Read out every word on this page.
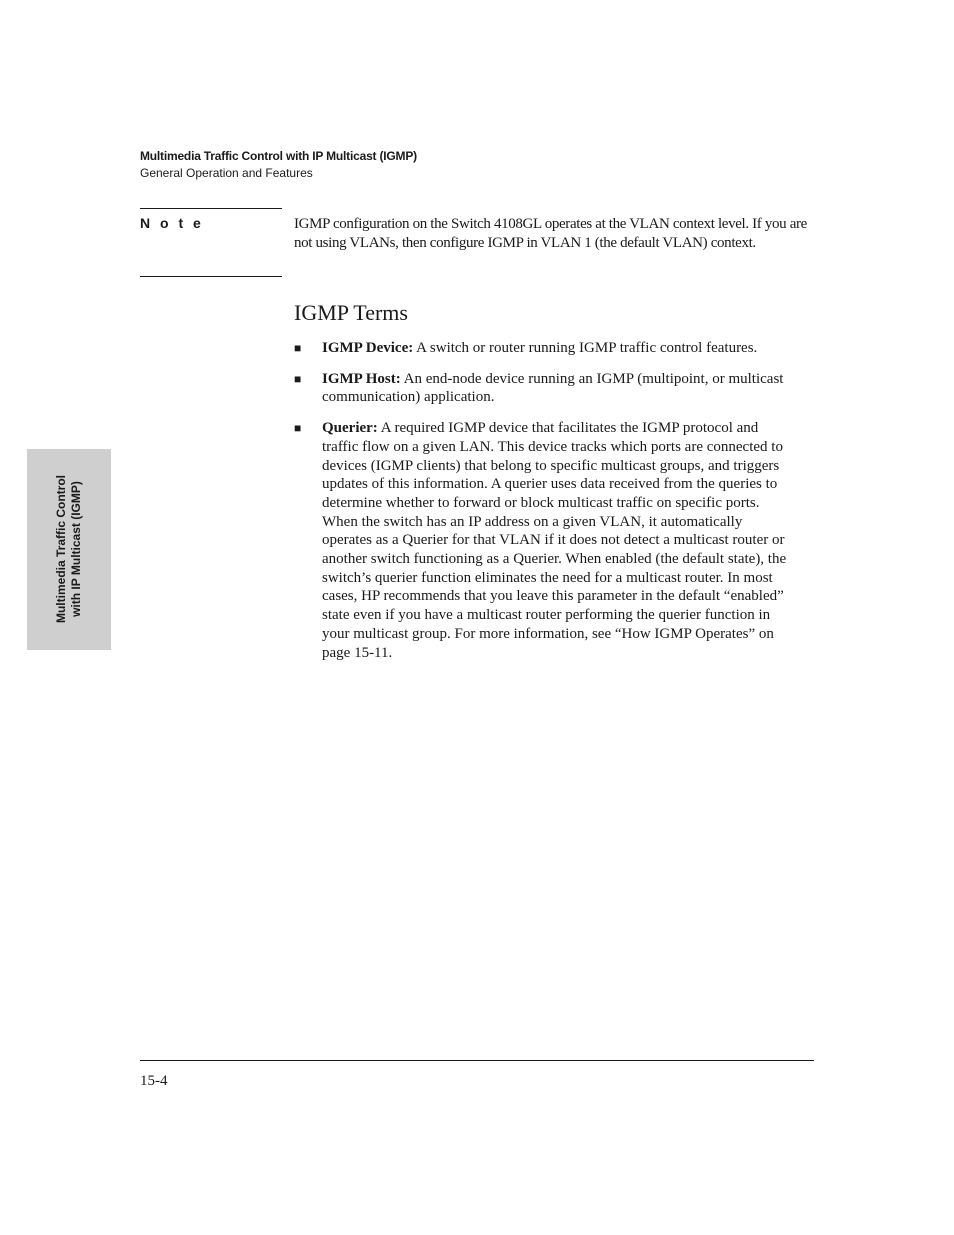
Multimedia Traffic Control with IP Multicast (IGMP)
General Operation and Features
N o t e	IGMP configuration on the Switch 4108GL operates at the VLAN context level. If you are not using VLANs, then configure IGMP in VLAN 1 (the default VLAN) context.
IGMP Terms
■ IGMP Device: A switch or router running IGMP traffic control features.
■ IGMP Host: An end-node device running an IGMP (multipoint, or multicast communication) application.
■ Querier: A required IGMP device that facilitates the IGMP protocol and traffic flow on a given LAN. This device tracks which ports are connected to devices (IGMP clients) that belong to specific multicast groups, and triggers updates of this information. A querier uses data received from the queries to determine whether to forward or block multicast traffic on specific ports. When the switch has an IP address on a given VLAN, it automatically operates as a Querier for that VLAN if it does not detect a multicast router or another switch functioning as a Querier. When enabled (the default state), the switch’s querier function eliminates the need for a multicast router. In most cases, HP recommends that you leave this parameter in the default “enabled” state even if you have a multicast router performing the querier function in your multicast group. For more information, see “How IGMP Operates” on page 15-11.
Multimedia Traffic Control with IP Multicast (IGMP)
15-4
